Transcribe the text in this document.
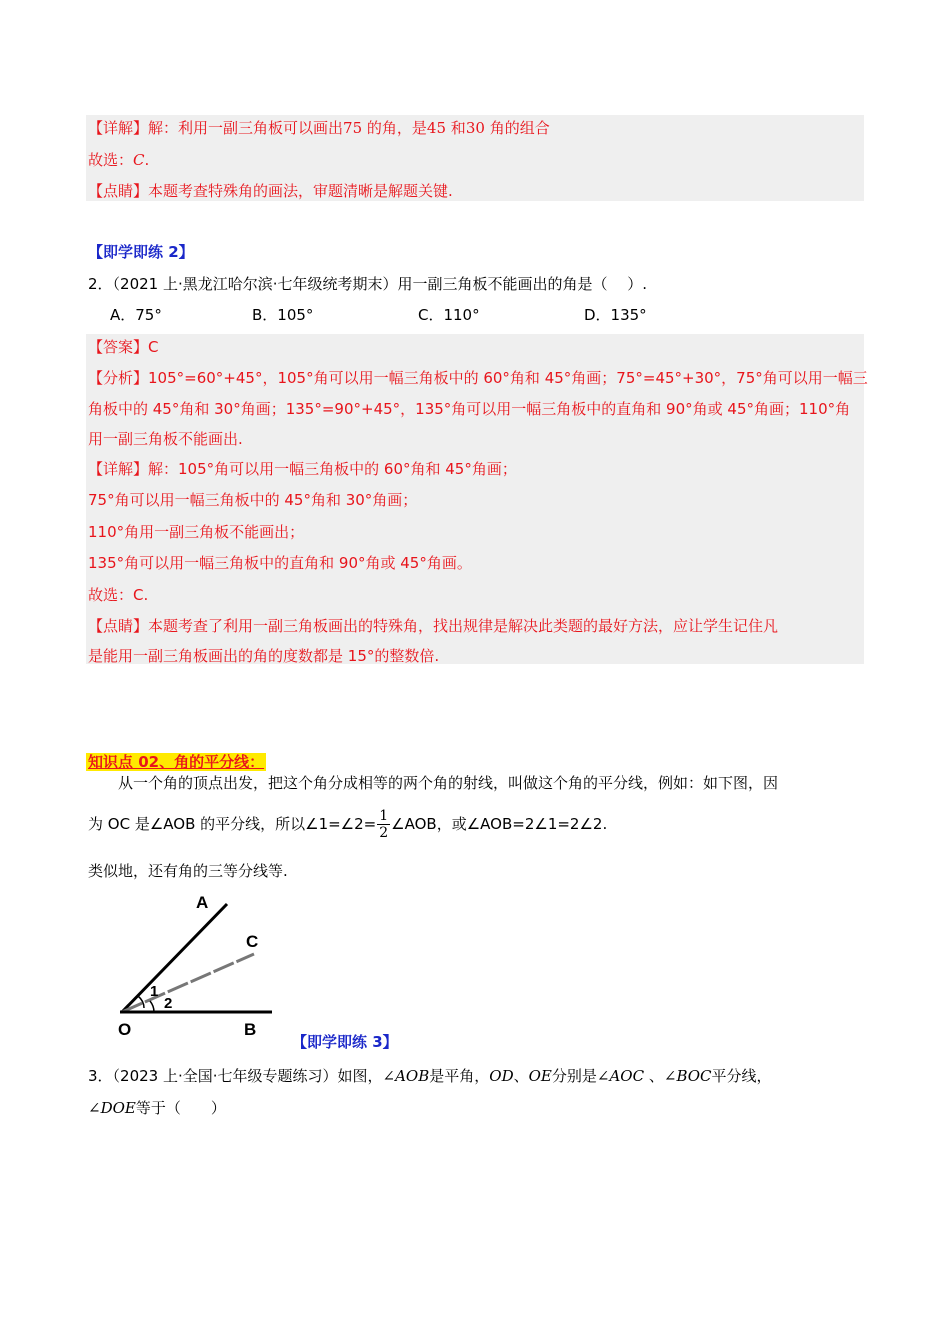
【详解】解：利用一副三角板可以画出75 的角，是45 和30 角的组合
故选：C.
【点睛】本题考查特殊角的画法，审题清晰是解题关键.
【即学即练 2】
2．（2021 上·黑龙江哈尔滨·七年级统考期末）用一副三角板不能画出的角是（　 ）.
A．75°	B．105°	C．110°	D．135°
【答案】C
【分析】105°=60°+45°，105°角可以用一幅三角板中的 60°角和 45°角画；75°=45°+30°，75°角可以用一幅三
角板中的 45°角和 30°角画；135°=90°+45°，135°角可以用一幅三角板中的直角和 90°角或 45°角画；110°角
用一副三角板不能画出.
【详解】解：105°角可以用一幅三角板中的 60°角和 45°角画；
75°角可以用一幅三角板中的 45°角和 30°角画；
110°角用一副三角板不能画出；
135°角可以用一幅三角板中的直角和 90°角或 45°角画。
故选：C.
【点睛】本题考查了利用一副三角板画出的特殊角，找出规律是解决此类题的最好方法，应让学生记住凡
是能用一副三角板画出的角的度数都是 15°的整数倍.
知识点 02、角的平分线：
从一个角的顶点出发，把这个角分成相等的两个角的射线，叫做这个角的平分线，例如：如下图，因
为 OC 是∠AOB 的平分线，所以∠1=∠2= $\frac{1}{2}$ ∠AOB，或∠AOB=2∠1=2∠2.
类似地，还有角的三等分线等.
A
C
1
2
O	B
【即学即练 3】
3．（2023 上·全国·七年级专题练习）如图，∠AOB是平角，OD、OE分别是∠AOC 、∠BOC平分线，
∠DOE等于（　　）
